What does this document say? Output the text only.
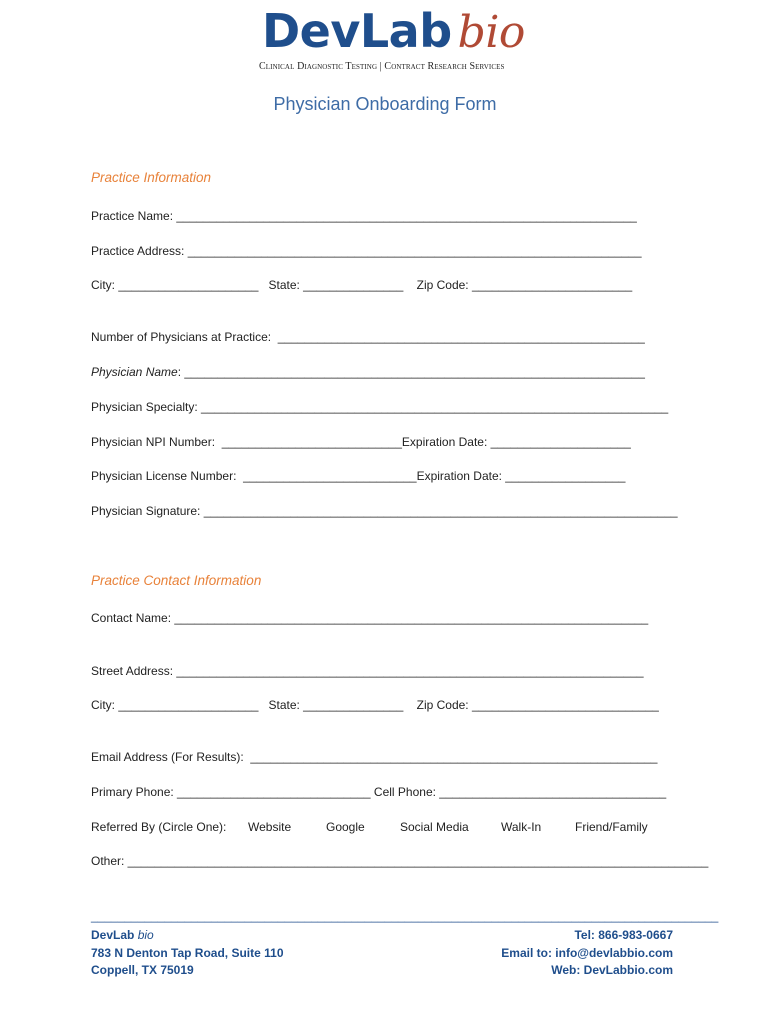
DevLab bio
Clinical Diagnostic Testing | Contract Research Services
Physician Onboarding Form
Practice Information
Practice Name: _____________________________________________________________________
Practice Address: ____________________________________________________________________
City: _____________________   State: _______________    Zip Code: ________________________
Number of Physicians at Practice:  _______________________________________________________
Physician Name: _____________________________________________________________________
Physician Specialty: ______________________________________________________________________
Physician NPI Number:  ___________________________Expiration Date: _____________________
Physician License Number:  __________________________Expiration Date: __________________
Physician Signature: _______________________________________________________________________
Practice Contact Information
Contact Name: _______________________________________________________________________
Street Address: ______________________________________________________________________
City: _____________________   State: _______________    Zip Code: ____________________________
Email Address (For Results):  _____________________________________________________________
Primary Phone: _____________________________ Cell Phone: __________________________________

Referred By (Circle One):

Website

	Google

	Social Media

	Walk-In

	Friend/Family

Other: _______________________________________________________________________________________
______________________________________________________________________________________________
DevLab bio
783 N Denton Tap Road, Suite 110
Coppell, TX 75019
Tel: 866-983-0667
Email to: info@devlabbio.com
Web: DevLabbio.com
